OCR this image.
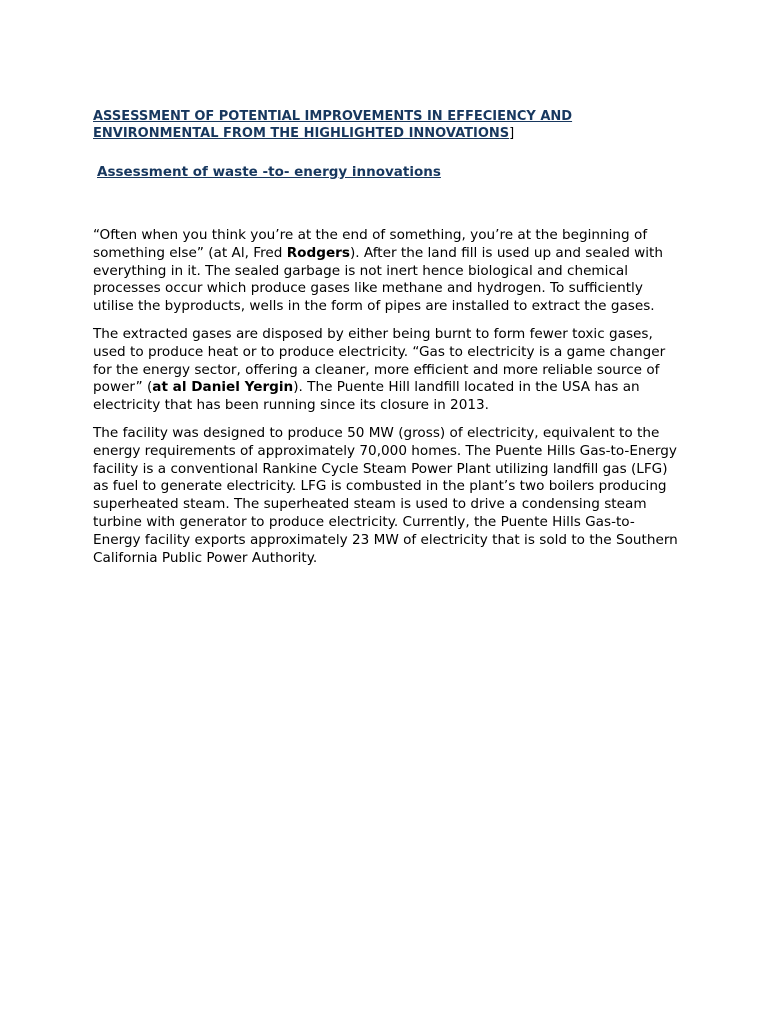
ASSESSMENT OF POTENTIAL IMPROVEMENTS IN EFFECIENCY AND
ENVIRONMENTAL FROM THE HIGHLIGHTED INNOVATIONS]

Assessment of waste -to- energy innovations

“Often when you think you’re at the end of something, you’re at the beginning of something else” (at Al, Fred Rodgers). After the land fill is used up and sealed with everything in it. The sealed garbage is not inert hence biological and chemical processes occur which produce gases like methane and hydrogen. To sufficiently utilise the byproducts, wells in the form of pipes are installed to extract the gases.

The extracted gases are disposed by either being burnt to form fewer toxic gases, used to produce heat or to produce electricity. “Gas to electricity is a game changer for the energy sector, offering a cleaner, more efficient and more reliable source of power” (at al Daniel Yergin). The Puente Hill landfill located in the USA has an electricity that has been running since its closure in 2013.

The facility was designed to produce 50 MW (gross) of electricity, equivalent to the energy requirements of approximately 70,000 homes. The Puente Hills Gas-to-Energy facility is a conventional Rankine Cycle Steam Power Plant utilizing landfill gas (LFG) as fuel to generate electricity. LFG is combusted in the plant’s two boilers producing superheated steam. The superheated steam is used to drive a condensing steam turbine with generator to produce electricity. Currently, the Puente Hills Gas-to-Energy facility exports approximately 23 MW of electricity that is sold to the Southern California Public Power Authority.
